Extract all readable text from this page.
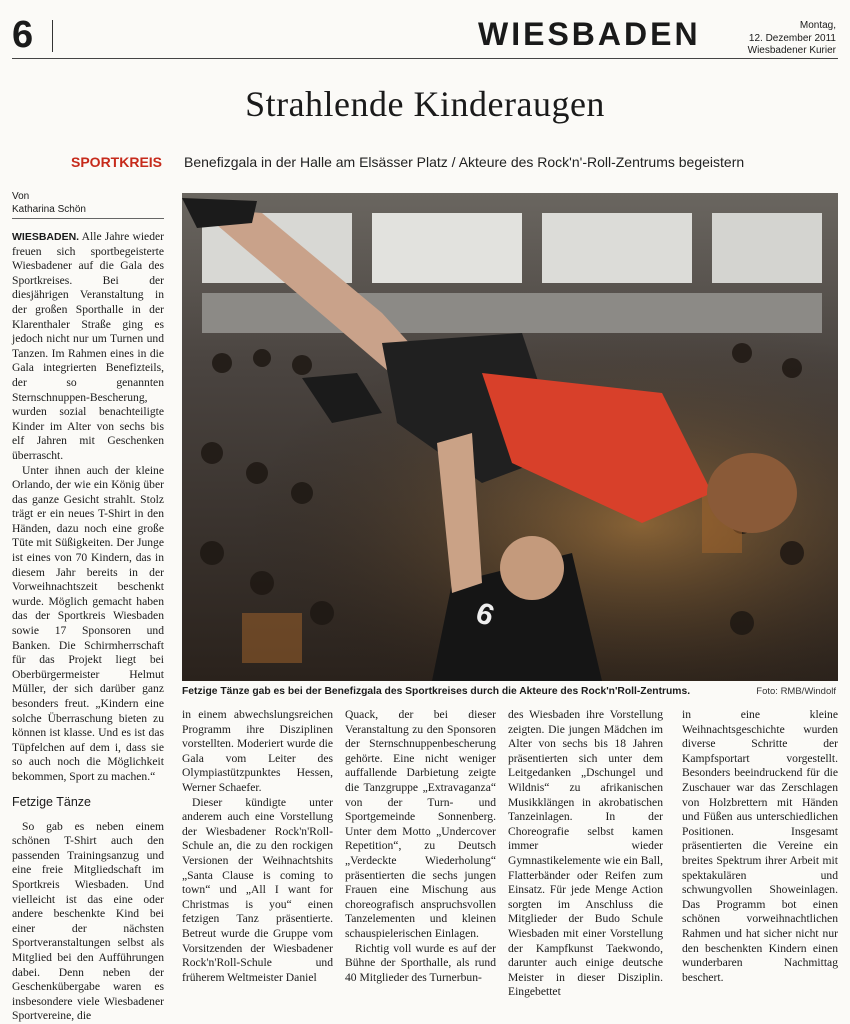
6	WIESBADEN	Montag,
12. Dezember 2011
Wiesbadener Kurier
Strahlende Kinderaugen
SPORTKREIS Benefizgala in der Halle am Elsässer Platz / Akteure des Rock'n'-Roll-Zentrums begeistern
Von
Katharina Schön

WIESBADEN. Alle Jahre wieder freuen sich sportbegeisterte Wiesbadener auf die Gala des Sportkreises. Bei der diesjährigen Veranstaltung in der großen Sporthalle in der Klarenthaler Straße ging es jedoch nicht nur um Turnen und Tanzen. Im Rahmen eines in die Gala integrierten Benefizteils, der so genannten Sternschnuppen-Bescherung, wurden sozial benachteiligte Kinder im Alter von sechs bis elf Jahren mit Geschenken überrascht.

Unter ihnen auch der kleine Orlando, der wie ein König über das ganze Gesicht strahlt. Stolz trägt er ein neues T-Shirt in den Händen, dazu noch eine große Tüte mit Süßigkeiten. Der Junge ist eines von 70 Kindern, das in diesem Jahr bereits in der Vorweihnachtszeit beschenkt wurde. Möglich gemacht haben das der Sportkreis Wiesbaden sowie 17 Sponsoren und Banken. Die Schirmherrschaft für das Projekt liegt bei Oberbürgermeister Helmut Müller, der sich darüber ganz besonders freut. „Kindern eine solche Überraschung bieten zu können ist klasse. Und es ist das Tüpfelchen auf dem i, dass sie so auch noch die Möglichkeit bekommen, Sport zu machen.“

Fetzige Tänze

So gab es neben einem schönen T-Shirt auch den passenden Trainingsanzug und eine freie Mitgliedschaft im Sportkreis Wiesbaden. Und vielleicht ist das eine oder andere beschenkte Kind bei einer der nächsten Sportveranstaltungen selbst als Mitglied bei den Aufführungen dabei. Denn neben der Geschenkübergabe waren es insbesondere viele Wiesbadener Sportvereine, die

6
Fetzige Tänze gab es bei der Benefizgala des Sportkreises durch die Akteure des Rock'n'Roll-Zentrums.	Foto: RMB/Windolf

in einem abwechslungsreichen Programm ihre Disziplinen vorstellten. Moderiert wurde die Gala vom Leiter des Olympiastützpunktes Hessen, Werner Schaefer.

Dieser kündigte unter anderem auch eine Vorstellung der Wiesbadener Rock'n'Roll-Schule an, die zu den rockigen Versionen der Weihnachtshits „Santa Clause is coming to town“ und „All I want for Christmas is you“ einen fetzigen Tanz präsentierte. Betreut wurde die Gruppe vom Vorsitzenden der Wiesbadener Rock'n'Roll-Schule und früherem Weltmeister Daniel

Quack, der bei dieser Veranstaltung zu den Sponsoren der Sternschnuppenbescherung gehörte. Eine nicht weniger auffallende Darbietung zeigte die Tanzgruppe „Extravaganza“ von der Turn- und Sportgemeinde Sonnenberg. Unter dem Motto „Undercover Repetition“, zu Deutsch „Verdeckte Wiederholung“ präsentierten die sechs jungen Frauen eine Mischung aus choreografisch anspruchsvollen Tanzelementen und kleinen schauspielerischen Einlagen.

Richtig voll wurde es auf der Bühne der Sporthalle, als rund 40 Mitglieder des Turnerbun-

des Wiesbaden ihre Vorstellung zeigten. Die jungen Mädchen im Alter von sechs bis 18 Jahren präsentierten sich unter dem Leitgedanken „Dschungel und Wildnis“ zu afrikanischen Musikklängen in akrobatischen Tanzeinlagen. In der Choreografie selbst kamen immer wieder Gymnastikelemente wie ein Ball, Flatterbänder oder Reifen zum Einsatz. Für jede Menge Action sorgten im Anschluss die Mitglieder der Budo Schule Wiesbaden mit einer Vorstellung der Kampfkunst Taekwondo, darunter auch einige deutsche Meister in dieser Disziplin. Eingebettet

in eine kleine Weihnachtsgeschichte wurden diverse Schritte der Kampfsportart vorgestellt. Besonders beeindruckend für die Zuschauer war das Zerschlagen von Holzbrettern mit Händen und Füßen aus unterschiedlichen Positionen. Insgesamt präsentierten die Vereine ein breites Spektrum ihrer Arbeit mit spektakulären und schwungvollen Showeinlagen. Das Programm bot einen schönen vorweihnachtlichen Rahmen und hat sicher nicht nur den beschenkten Kindern einen wunderbaren Nachmittag beschert.
